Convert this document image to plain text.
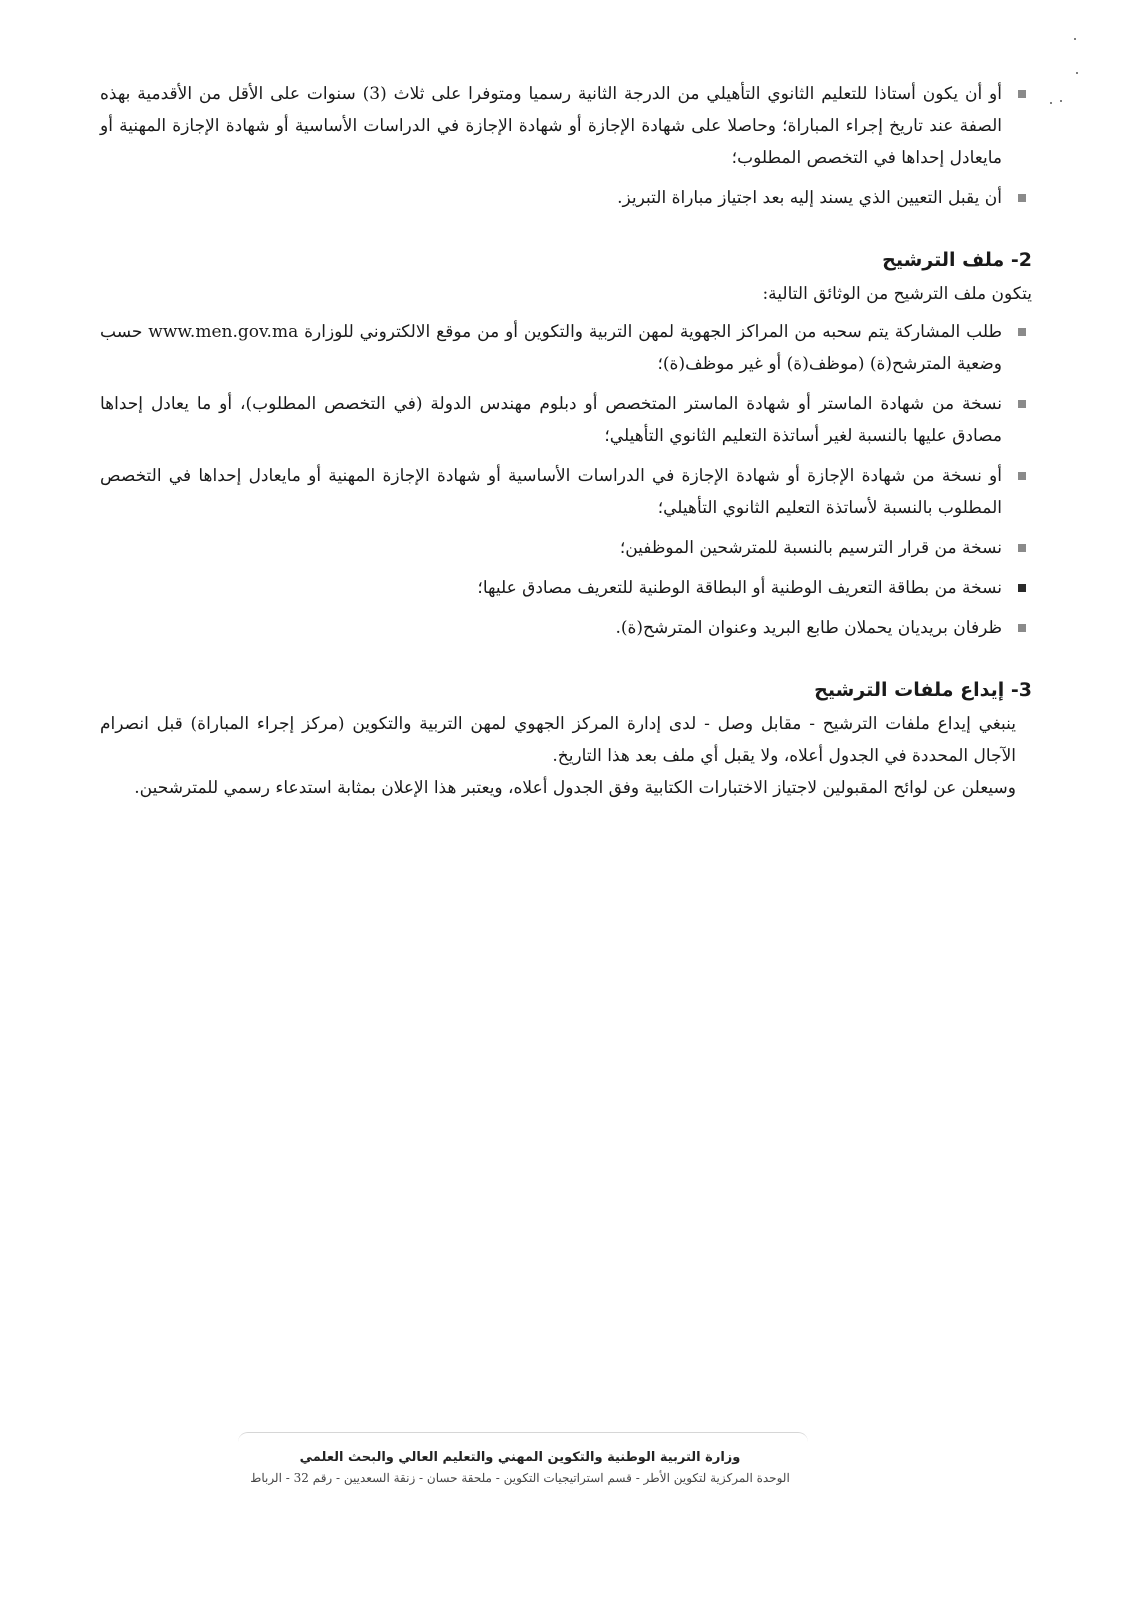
أو أن يكون أستاذا للتعليم الثانوي التأهيلي من الدرجة الثانية رسميا ومتوفرا على ثلاث (3) سنوات على الأقل من الأقدمية بهذه الصفة عند تاريخ إجراء المباراة؛ وحاصلا على شهادة الإجازة أو شهادة الإجازة في الدراسات الأساسية أو شهادة الإجازة المهنية أو مايعادل إحداها في التخصص المطلوب؛
أن يقبل التعيين الذي يسند إليه بعد اجتياز مباراة التبريز.
2- ملف الترشيح
يتكون ملف الترشيح من الوثائق التالية:
طلب المشاركة يتم سحبه من المراكز الجهوية لمهن التربية والتكوين أو من موقع الالكتروني للوزارة www.men.gov.ma حسب وضعية المترشح(ة) (موظف(ة) أو غير موظف(ة)؛
نسخة من شهادة الماستر أو شهادة الماستر المتخصص أو دبلوم مهندس الدولة (في التخصص المطلوب)، أو ما يعادل إحداها مصادق عليها بالنسبة لغير أساتذة التعليم الثانوي التأهيلي؛
أو نسخة من شهادة الإجازة أو شهادة الإجازة في الدراسات الأساسية أو شهادة الإجازة المهنية أو مايعادل إحداها في التخصص المطلوب بالنسبة لأساتذة التعليم الثانوي التأهيلي؛
نسخة من قرار الترسيم بالنسبة للمترشحين الموظفين؛
نسخة من بطاقة التعريف الوطنية أو البطاقة الوطنية للتعريف مصادق عليها؛
ظرفان بريديان يحملان طابع البريد وعنوان المترشح(ة).
3- إيداع ملفات الترشيح
ينبغي إيداع ملفات الترشيح - مقابل وصل - لدى إدارة المركز الجهوي لمهن التربية والتكوين (مركز إجراء المباراة) قبل انصرام الآجال المحددة في الجدول أعلاه، ولا يقبل أي ملف بعد هذا التاريخ.
وسيعلن عن لوائح المقبولين لاجتياز الاختبارات الكتابية وفق الجدول أعلاه، ويعتبر هذا الإعلان بمثابة استدعاء رسمي للمترشحين.
وزارة التربية الوطنية والتكوين المهني والتعليم العالي والبحث العلمي
الوحدة المركزية لتكوين الأطر - قسم استراتيجيات التكوين - ملحقة حسان - زنقة السعديين - رقم 32 - الرباط
